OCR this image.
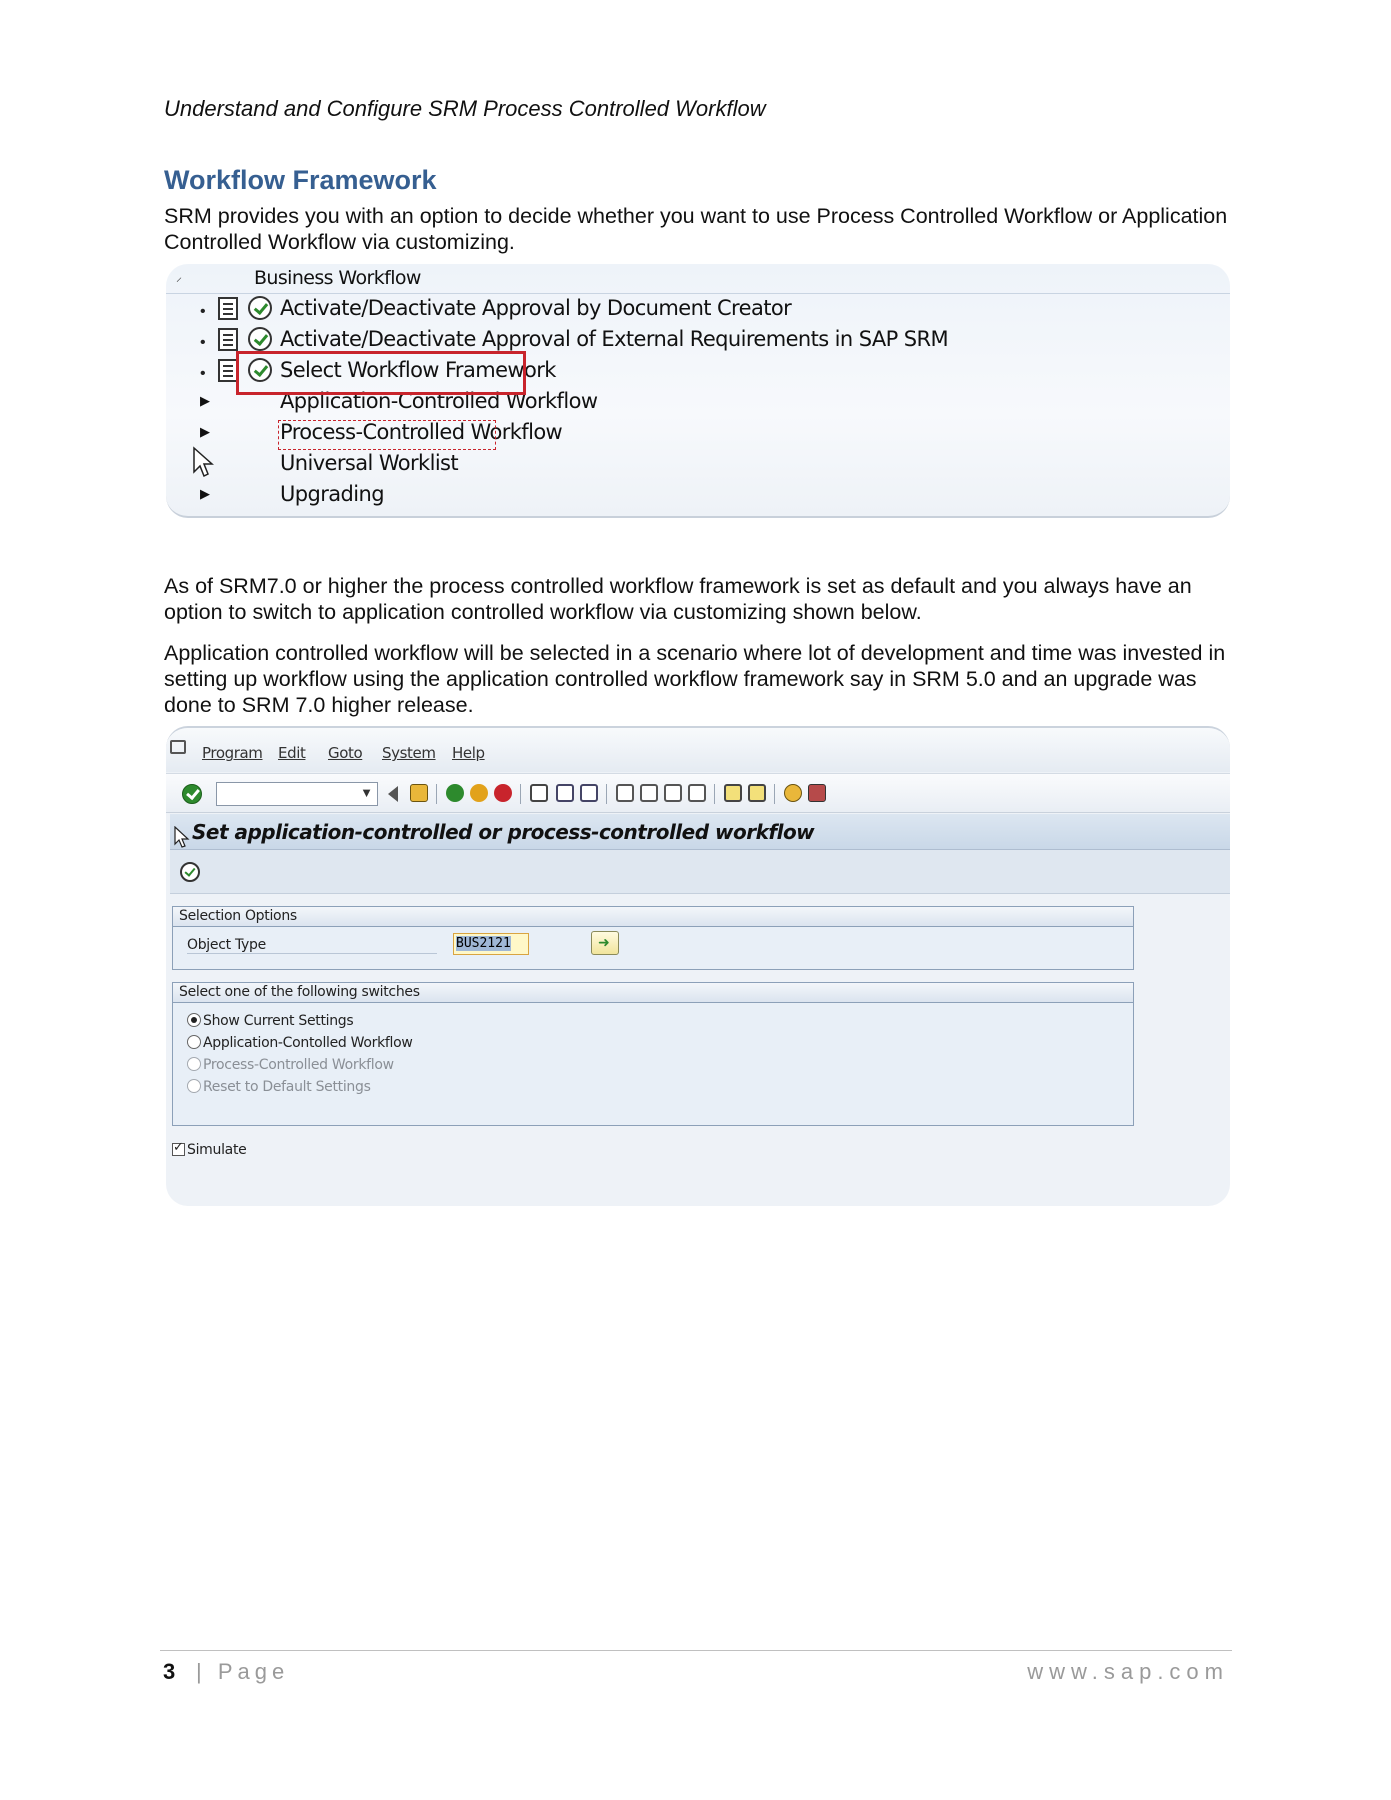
Understand and Configure SRM Process Controlled Workflow
Workflow Framework
SRM provides you with an option to decide whether you want to use Process Controlled Workflow or Application Controlled Workflow via customizing.
⸝	Business Workflow
•	Activate/Deactivate Approval by Document Creator
•	Activate/Deactivate Approval of External Requirements in SAP SRM
•	Select Workflow Framework
▶	Application-Controlled Workflow
▶	Process-Controlled Workflow
Universal Worklist
▶	Upgrading
As of SRM7.0 or higher the process controlled workflow framework is set as default and you always have an option to switch to application controlled workflow via customizing shown below.
Application controlled workflow will be selected in a scenario where lot of development and time was invested in setting up workflow using the application controlled workflow framework say in SRM 5.0 and an upgrade was done to SRM 7.0 higher release.
Program Edit Goto System Help
▼
Set application-controlled or process-controlled workflow
Selection Options
Object Type	BUS2121
➜
Select one of the following switches
Show Current Settings
Application-Contolled Workflow
Process-Controlled Workflow
Reset to Default Settings
✓Simulate
3 | Page	www.sap.com
